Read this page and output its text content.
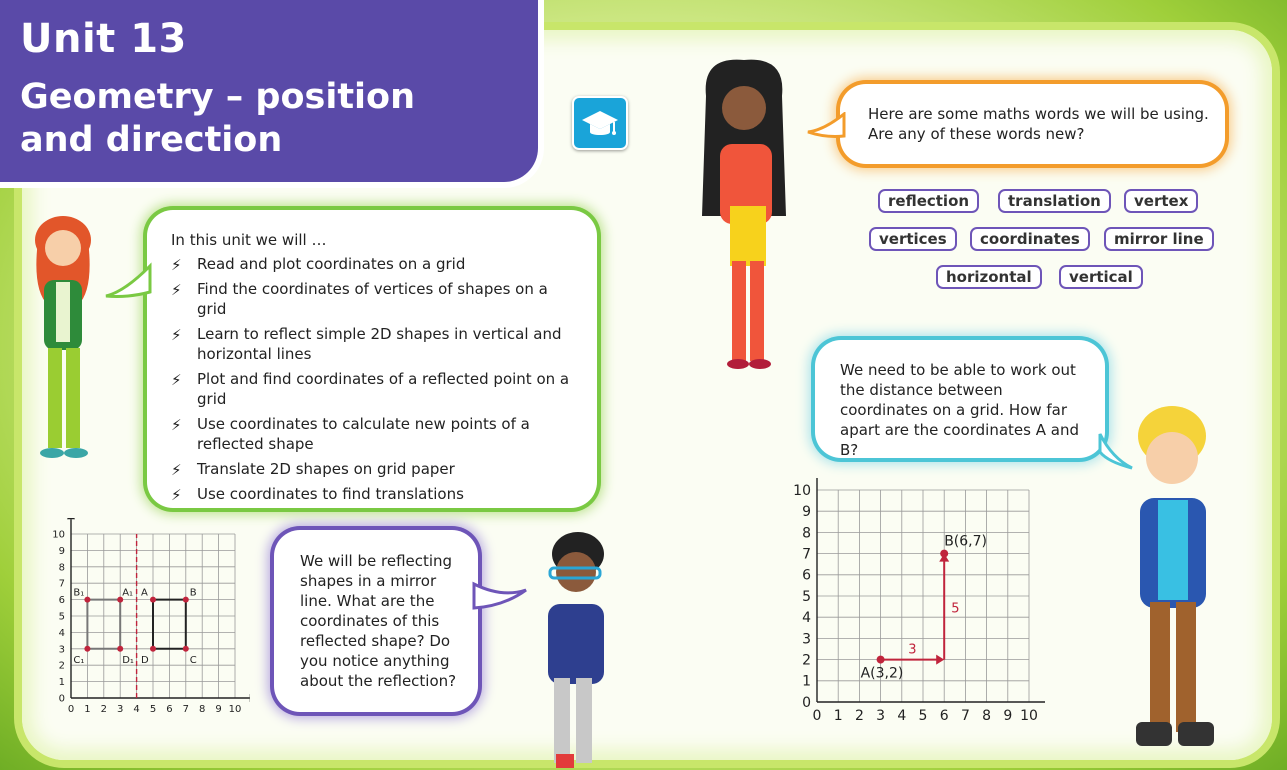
Unit 13
Geometry – position and direction
In this unit we will …
⚡ Read and plot coordinates on a grid
⚡ Find the coordinates of vertices of shapes on a grid
⚡ Learn to reflect simple 2D shapes in vertical and horizontal lines
⚡ Plot and find coordinates of a reflected point on a grid
⚡ Use coordinates to calculate new points of a reflected shape
⚡ Translate 2D shapes on grid paper
⚡ Use coordinates to find translations
Here are some maths words we will be using. Are any of these words new?
reflection	translation	vertex
vertices	coordinates	mirror line
horizontal	vertical
We need to be able to work out the distance between coordinates on a grid. How far apart are the coordinates A and B?
We will be reflecting shapes in a mirror line. What are the coordinates of this reflected shape? Do you notice anything about the reflection?
0 1 2 3 4 5 6 7 8 9 10
0
1
2
3
4
5
6
7
8
9
10
A	B
C
D
A₁
B₁
C₁	D₁
0 1 2 3 4 5 6 7 8 9 10
0
1
2
3
4
5
6
7
8
9
10
3
5
A(3,2)
B(6,7)
